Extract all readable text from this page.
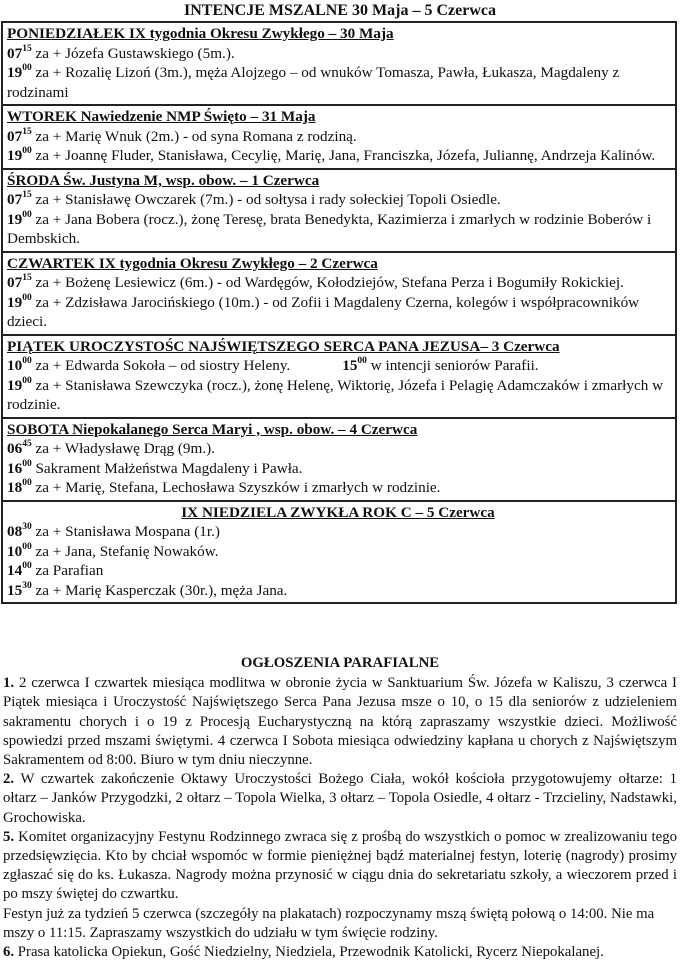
INTENCJE MSZALNE 30 Maja – 5 Czerwca
PONIEDZIAŁEK IX tygodnia Okresu Zwykłego – 30 Maja

$07^{15}$ za + Józefa Gustawskiego (5m.).

$19^{00}$ za + Rozalię Lizoń (3m.), męża Alojzego – od wnuków Tomasza, Pawła, Łukasza, Magdaleny z rodzinami

WTOREK Nawiedzenie NMP Święto – 31 Maja

$07^{15}$ za + Marię Wnuk (2m.) - od syna Romana z rodziną.

$19^{00}$ za + Joannę Fluder, Stanisława, Cecylię, Marię, Jana, Franciszka, Józefa, Juliannę, Andrzeja Kalinów.

ŚRODA Św. Justyna M, wsp. obow. – 1 Czerwca

$07^{15}$ za + Stanisławę Owczarek (7m.) - od sołtysa i rady sołeckiej Topoli Osiedle.

$19^{00}$ za + Jana Bobera (rocz.), żonę Teresę, brata Benedykta, Kazimierza i zmarłych w rodzinie Boberów i Dembskich.

CZWARTEK IX tygodnia Okresu Zwykłego – 2 Czerwca

$07^{15}$ za + Bożenę Lesiewicz (6m.) - od Wardęgów, Kołodziejów, Stefana Perza i Bogumiły Rokickiej.

$19^{00}$ za + Zdzisława Jarocińskiego (10m.) - od Zofii i Magdaleny Czerna, kolegów i współpracowników dzieci.

PIĄTEK UROCZYSTOŚC NAJŚWIĘTSZEGO SERCA PANA JEZUSA– 3 Czerwca

$10^{00}$ za + Edwarda Sokoła – od siostry Heleny.	$15^{00}$ w intencji seniorów Parafii.

$19^{00}$ za + Stanisława Szewczyka (rocz.), żonę Helenę, Wiktorię, Józefa i Pelagię Adamczaków i zmarłych w rodzinie.

SOBOTA Niepokalanego Serca Maryi , wsp. obow. – 4 Czerwca

$06^{45}$ za + Władysławę Drąg (9m.).

$16^{00}$ Sakrament Małżeństwa Magdaleny i Pawła.

$18^{00}$ za + Marię, Stefana, Lechosława Szyszków i zmarłych w rodzinie.

IX NIEDZIELA ZWYKŁA ROK C – 5 Czerwca

$08^{30}$ za + Stanisława Mospana (1r.)

$10^{00}$ za + Jana, Stefanię Nowaków.

$14^{00}$ za Parafian

$15^{30}$ za + Marię Kasperczak (30r.), męża Jana.

OGŁOSZENIA PARAFIALNE

1. 2 czerwca I czwartek miesiąca modlitwa w obronie życia w Sanktuarium Św. Józefa w Kaliszu, 3 czerwca I Piątek miesiąca i Uroczystość Najświętszego Serca Pana Jezusa msze o 10, o 15 dla seniorów z udzieleniem sakramentu chorych i o 19 z Procesją Eucharystyczną na którą zapraszamy wszystkie dzieci. Możliwość spowiedzi przed mszami świętymi. 4 czerwca I Sobota miesiąca odwiedziny kapłana u chorych z Najświętszym Sakramentem od 8:00. Biuro w tym dniu nieczynne.

2. W czwartek zakończenie Oktawy Uroczystości Bożego Ciała, wokół kościoła przygotowujemy ołtarze: 1 ołtarz – Janków Przygodzki, 2 ołtarz – Topola Wielka, 3 ołtarz – Topola Osiedle, 4 ołtarz - Trzcieliny, Nadstawki, Grochowiska.

5. Komitet organizacyjny Festynu Rodzinnego zwraca się z prośbą do wszystkich o pomoc w zrealizowaniu tego przedsięwzięcia. Kto by chciał wspomóc w formie pieniężnej bądź materialnej festyn, loterię (nagrody) prosimy zgłaszać się do ks. Łukasza. Nagrody można przynosić w ciągu dnia do sekretariatu szkoły, a wieczorem przed i po mszy świętej do czwartku.

Festyn już za tydzień 5 czerwca (szczegóły na plakatach) rozpoczynamy mszą świętą połową o 14:00. Nie ma mszy o 11:15. Zapraszamy wszystkich do udziału w tym święcie rodziny.

6. Prasa katolicka Opiekun, Gość Niedzielny, Niedziela, Przewodnik Katolicki, Rycerz Niepokalanej.
